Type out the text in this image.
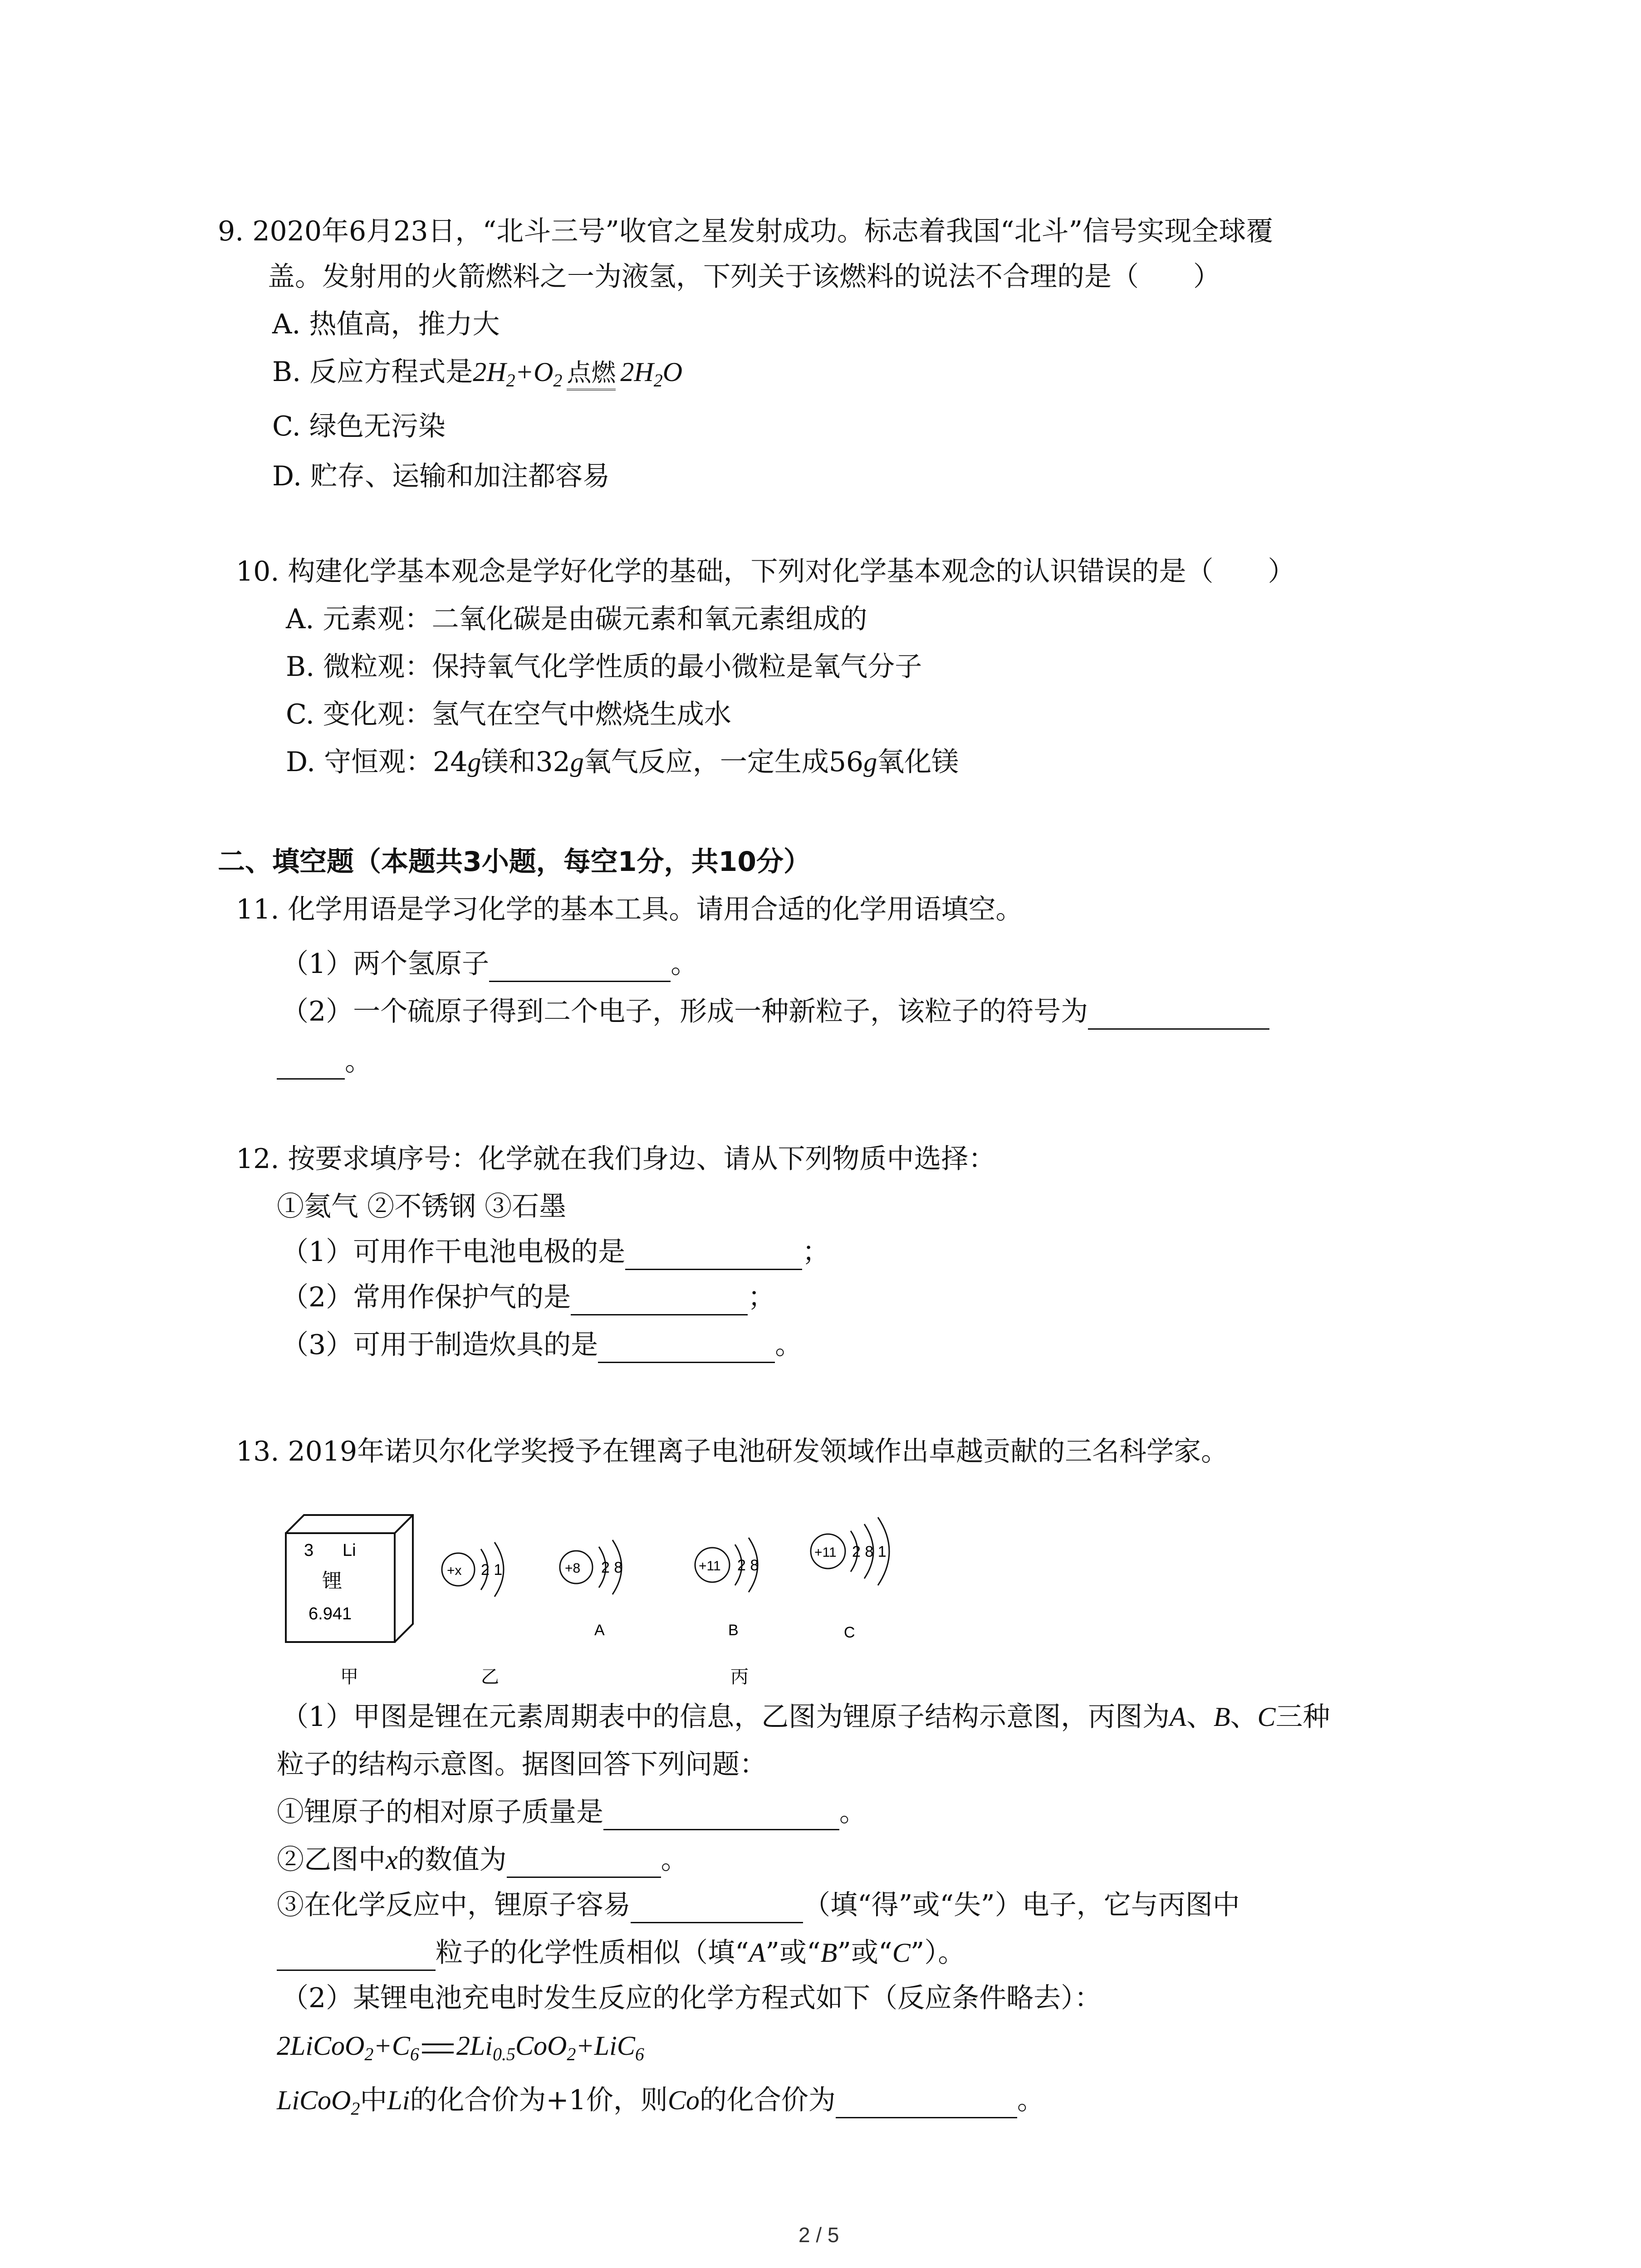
9. 2020年6月23日，“北斗三号”收官之星发射成功。标志着我国“北斗”信号实现全球覆
盖。发射用的火箭燃料之一为液氢，下列关于该燃料的说法不合理的是（　　）
A. 热值高，推力大
B. 反应方程式是$2H_2+O_2$ 点燃 $2H_2O$
C. 绿色无污染
D. 贮存、运输和加注都容易
10. 构建化学基本观念是学好化学的基础，下列对化学基本观念的认识错误的是（　　）
A. 元素观：二氧化碳是由碳元素和氧元素组成的
B. 微粒观：保持氧气化学性质的最小微粒是氧气分子
C. 变化观：氢气在空气中燃烧生成水
D. 守恒观：24g镁和32g氧气反应，一定生成56g氧化镁
二、填空题（本题共3小题，每空1分，共10分）
11. 化学用语是学习化学的基本工具。请用合适的化学用语填空。
（1）两个氢原子	。
（2）一个硫原子得到二个电子，形成一种新粒子，该粒子的符号为
。
12. 按要求填序号：化学就在我们身边、请从下列物质中选择：
①氦气 ②不锈钢 ③石墨
（1）可用作干电池电极的是	；
（2）常用作保护气的是	；
（3）可用于制造炊具的是	。
13. 2019年诺贝尔化学奖授予在锂离子电池研发领域作出卓越贡献的三名科学家。
3 Li
锂
6.941
+x 2 1	+8 2 8
A
+11 2 8
B
+11 2 8 1
C
甲	乙	丙
（1）甲图是锂在元素周期表中的信息，乙图为锂原子结构示意图，丙图为A、B、C三种
粒子的结构示意图。据图回答下列问题：
①锂原子的相对原子质量是	。
②乙图中x的数值为	。
③在化学反应中，锂原子容易	（填“得”或“失”）电子，它与丙图中
粒子的化学性质相似（填“A”或“B”或“C”）。
（2）某锂电池充电时发生反应的化学方程式如下（反应条件略去）：
$2LiCoO_2+C_6$ $2Li_{0.5}CoO_2+LiC_6$
LiCoO$_2$中Li的化合价为+1价，则Co的化合价为	。
2 / 5
